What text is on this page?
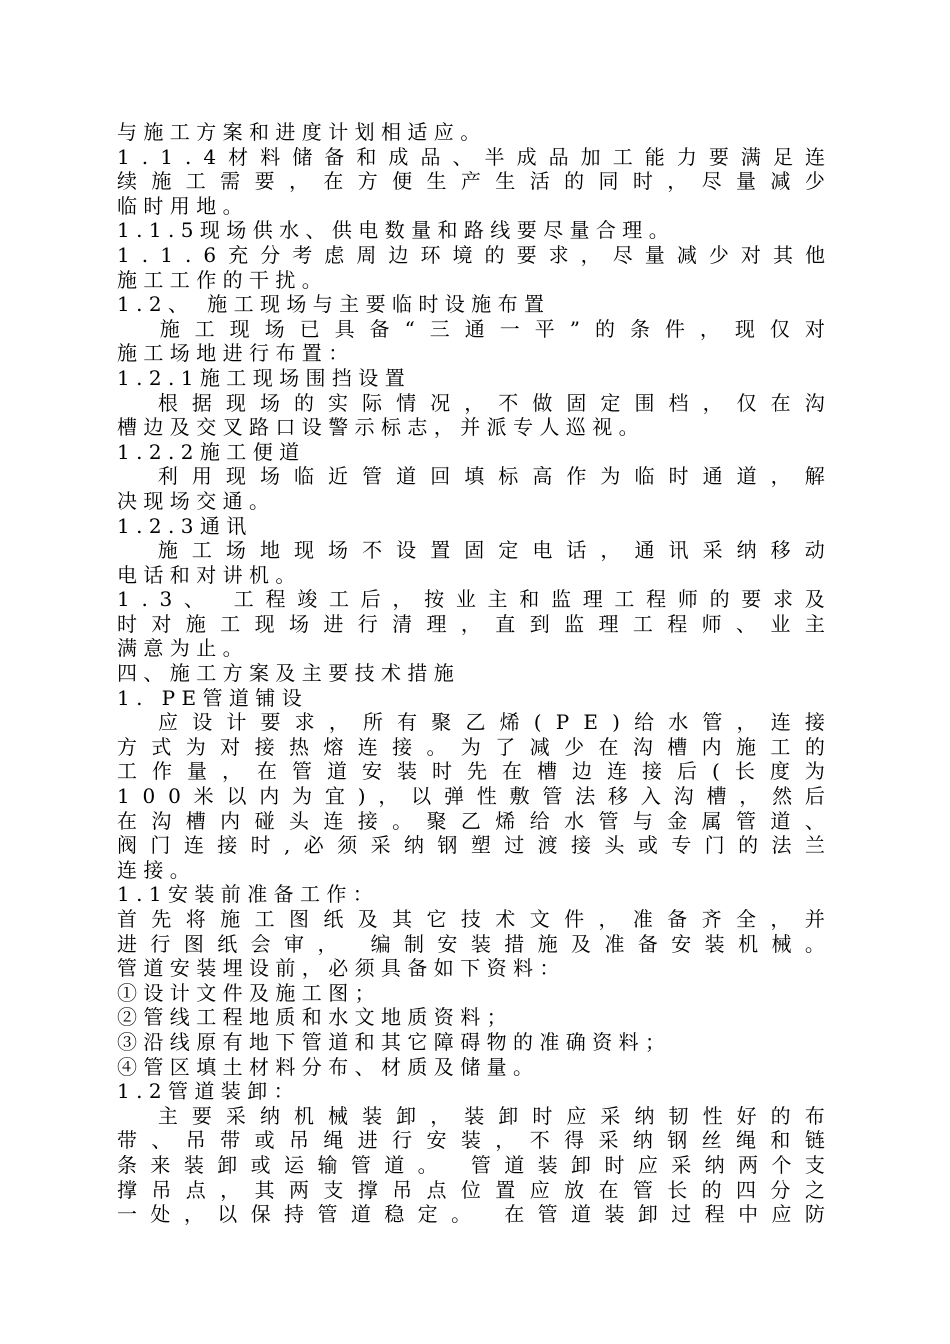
与施工方案和进度计划相适应。
1 . 1 . 4 材 料 储 备 和 成 品 、 半 成 品 加 工 能 力 要 满 足 连
续 施 工 需 要 ， 在 方 便 生 产 生 活 的 同 时 ， 尽 量 减 少
临时用地。
1.1.5现场供水、供电数量和路线要尽量合理。
1 . 1 . 6 充 分 考 虑 周 边 环 境 的 要 求 ， 尽 量 减 少 对 其 他
施工工作的干扰。
1.2、 施工现场与主要临时设施布置

施 工 现 场 已 具 备 “ 三 通 一 平 ” 的 条 件 ， 现 仅 对
施工场地进行布置：
1.2.1施工现场围挡设置

根 据 现 场 的 实 际 情 况 ， 不 做 固 定 围 档 ， 仅 在 沟
槽边及交叉路口设警示标志，并派专人巡视。
1.2.2施工便道

利 用 现 场 临 近 管 道 回 填 标 高 作 为 临 时 通 道 ， 解
决现场交通。
1.2.3通讯

施 工 场 地 现 场 不 设 置 固 定 电 话 ， 通 讯 采 纳 移 动
电话和对讲机。
1 . 3 、
工 程 竣 工 后 ， 按 业 主 和 监 理 工 程 师 的 要 求 及
时 对 施 工 现 场 进 行 清 理 ， 直 到 监 理 工 程 师 、 业 主
满意为止。
四、施工方案及主要技术措施
1. PE管道铺设

应 设 计 要 求 ， 所 有 聚 乙 烯 ( P E ) 给 水 管 ， 连 接
方 式 为 对 接 热 熔 连 接 。 为 了 减 少 在 沟 槽 内 施 工 的
工 作 量 ， 在 管 道 安 装 时 先 在 槽 边 连 接 后 ( 长 度 为
1 0 0 米 以 内 为 宜 ) ， 以 弹 性 敷 管 法 移 入 沟 槽 ， 然 后
在 沟 槽 内 碰 头 连 接 。 聚 乙 烯 给 水 管 与 金 属 管 道 、
阀 门 连 接 时 , 必 须 采 纳 钢 塑 过 渡 接 头 或 专 门 的 法 兰
连接。
1.1安装前准备工作：
首 先 将 施 工 图 纸 及 其 它 技 术 文 件 ， 准 备 齐 全 ， 并
进 行 图 纸 会 审 ，
编 制 安 装 措 施 及 准 备 安 装 机 械 。
管道安装埋设前，必须具备如下资料：
①设计文件及施工图；
②管线工程地质和水文地质资料；
③沿线原有地下管道和其它障碍物的准确资料；
④管区填土材料分布、材质及储量。
1.2管道装卸：

主 要 采 纳 机 械 装 卸 ， 装 卸 时 应 采 纳 韧 性 好 的 布
带 、 吊 带 或 吊 绳 进 行 安 装 ， 不 得 采 纳 钢 丝 绳 和 链
条 来 装 卸 或 运 输 管 道 。
管 道 装 卸 时 应 采 纳 两 个 支
撑 吊 点 ， 其 两 支 撑 吊 点 位 置 应 放 在 管 长 的 四 分 之
一 处 ， 以 保 持 管 道 稳 定 。
在 管 道 装 卸 过 程 中 应 防
